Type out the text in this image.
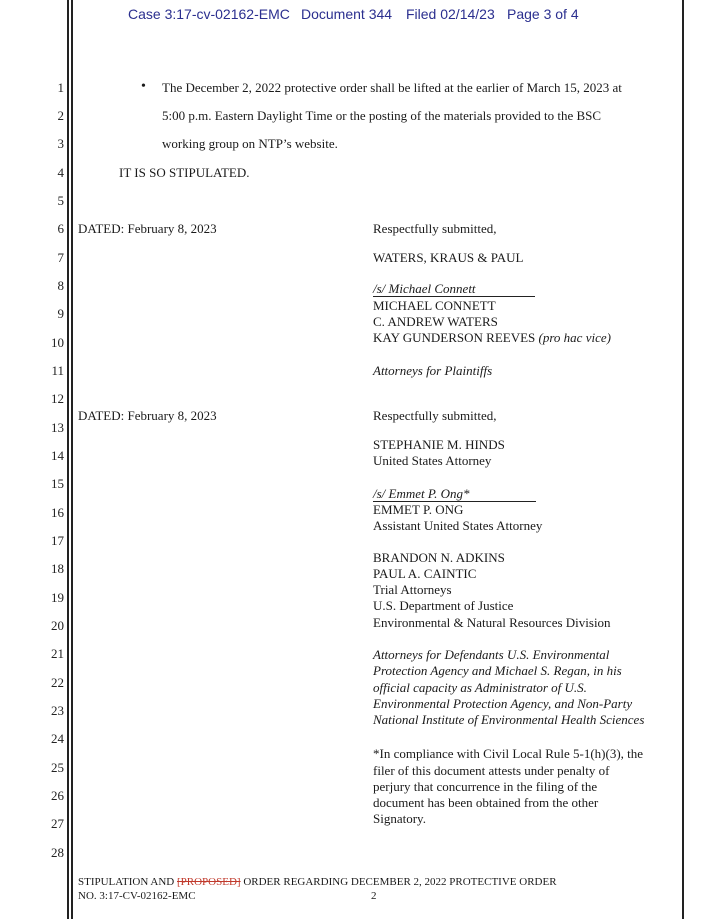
Case 3:17-cv-02162-EMC Document 344 Filed 02/14/23 Page 3 of 4
1
2
3
4
5
6
7
8
9
10
11
12
13
14
15
16
17
18
19
20
21
22
23
24
25
26
27
28
• The December 2, 2022 protective order shall be lifted at the earlier of March 15, 2023 at
5:00 p.m. Eastern Daylight Time or the posting of the materials provided to the BSC
working group on NTP’s website.
IT IS SO STIPULATED.
DATED: February 8, 2023	Respectfully submitted,
WATERS, KRAUS & PAUL
/s/ Michael Connett
MICHAEL CONNETT
C. ANDREW WATERS
KAY GUNDERSON REEVES (pro hac vice)
Attorneys for Plaintiffs
DATED: February 8, 2023	Respectfully submitted,
STEPHANIE M. HINDS
United States Attorney
/s/ Emmet P. Ong*
EMMET P. ONG
Assistant United States Attorney
BRANDON N. ADKINS
PAUL A. CAINTIC
Trial Attorneys
U.S. Department of Justice
Environmental & Natural Resources Division
Attorneys for Defendants U.S. Environmental
Protection Agency and Michael S. Regan, in his
official capacity as Administrator of U.S.
Environmental Protection Agency, and Non-Party
National Institute of Environmental Health Sciences
*In compliance with Civil Local Rule 5-1(h)(3), the
filer of this document attests under penalty of
perjury that concurrence in the filing of the
document has been obtained from the other
Signatory.
STIPULATION AND [PROPOSED] ORDER REGARDING DECEMBER 2, 2022 PROTECTIVE ORDER
NO. 3:17-CV-02162-EMC	2
